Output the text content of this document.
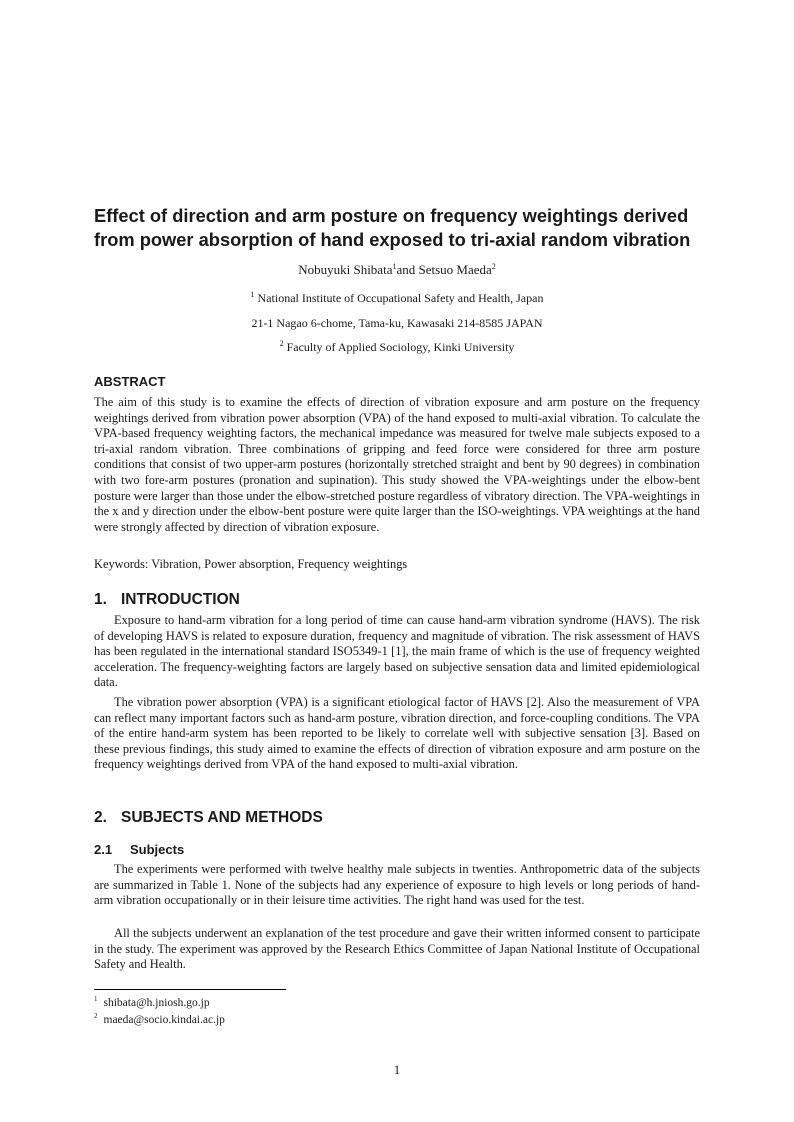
Effect of direction and arm posture on frequency weightings derived from power absorption of hand exposed to tri-axial random vibration
Nobuyuki Shibata$^1$and Setsuo Maeda$^2$
$^1$ National Institute of Occupational Safety and Health, Japan
21-1 Nagao 6-chome, Tama-ku, Kawasaki 214-8585 JAPAN
$^2$ Faculty of Applied Sociology, Kinki University
ABSTRACT

The aim of this study is to examine the effects of direction of vibration exposure and arm posture on the frequency weightings derived from vibration power absorption (VPA) of the hand exposed to multi-axial vibration. To calculate the VPA-based frequency weighting factors, the mechanical impedance was measured for twelve male subjects exposed to a tri-axial random vibration. Three combinations of gripping and feed force were considered for three arm posture conditions that consist of two upper-arm postures (horizontally stretched straight and bent by 90 degrees) in combination with two fore-arm postures (pronation and supination). This study showed the VPA-weightings under the elbow-bent posture were larger than those under the elbow-stretched posture regardless of vibratory direction. The VPA-weightings in the x and y direction under the elbow-bent posture were quite larger than the ISO-weightings. VPA weightings at the hand were strongly affected by direction of vibration exposure.

Keywords: Vibration, Power absorption, Frequency weightings

1. INTRODUCTION

Exposure to hand-arm vibration for a long period of time can cause hand-arm vibration syndrome (HAVS). The risk of developing HAVS is related to exposure duration, frequency and magnitude of vibration. The risk assessment of HAVS has been regulated in the international standard ISO5349-1 [1], the main frame of which is the use of frequency weighted acceleration. The frequency-weighting factors are largely based on subjective sensation data and limited epidemiological data.

The vibration power absorption (VPA) is a significant etiological factor of HAVS [2]. Also the measurement of VPA can reflect many important factors such as hand-arm posture, vibration direction, and force-coupling conditions. The VPA of the entire hand-arm system has been reported to be likely to correlate well with subjective sensation [3]. Based on these previous findings, this study aimed to examine the effects of direction of vibration exposure and arm posture on the frequency weightings derived from VPA of the hand exposed to multi-axial vibration.

2. SUBJECTS AND METHODS
2.1 Subjects

The experiments were performed with twelve healthy male subjects in twenties. Anthropometric data of the subjects are summarized in Table 1. None of the subjects had any experience of exposure to high levels or long periods of hand-arm vibration occupationally or in their leisure time activities. The right hand was used for the test.

All the subjects underwent an explanation of the test procedure and gave their written informed consent to participate in the study. The experiment was approved by the Research Ethics Committee of Japan National Institute of Occupational Safety and Health.

$^1$ shibata@h.jniosh.go.jp
$^2$ maeda@socio.kindai.ac.jp
1
